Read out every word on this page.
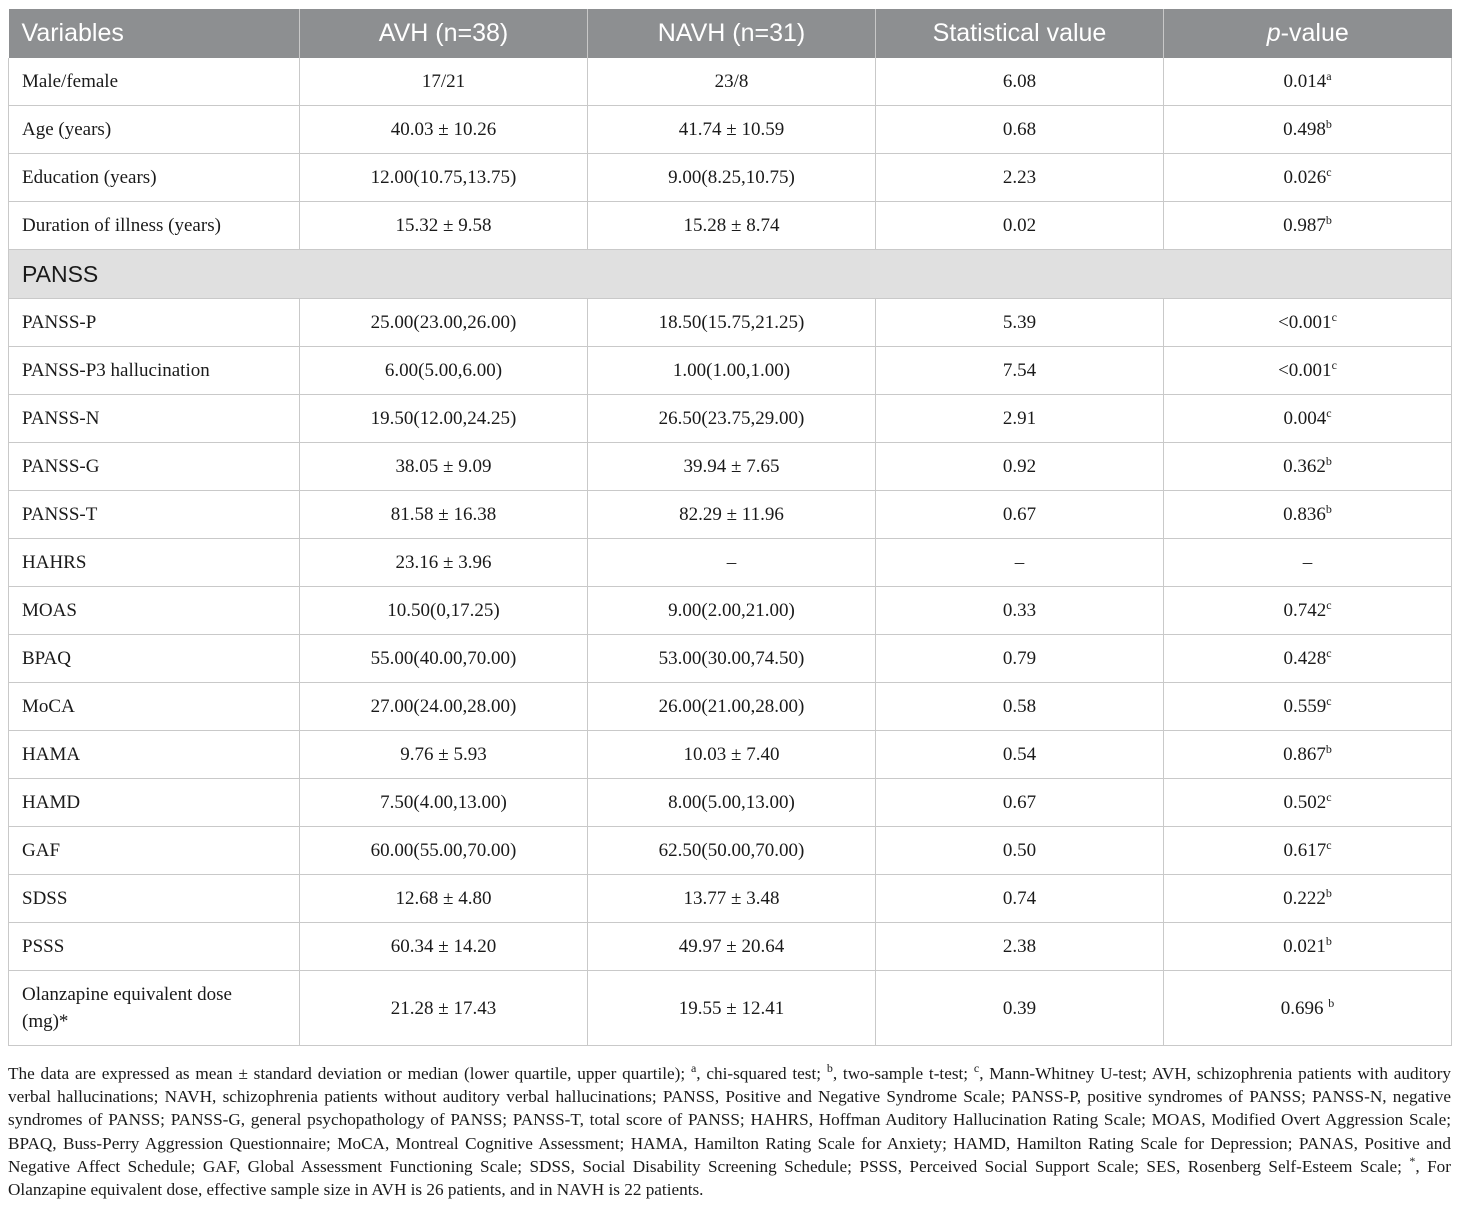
Variables	AVH (n=38)	NAVH (n=31)	Statistical value	p-value
Male/female	17/21	23/8	6.08	0.014$^a$
Age (years)	40.03 ± 10.26	41.74 ± 10.59	0.68	0.498$^b$
Education (years)	12.00(10.75,13.75)	9.00(8.25,10.75)	2.23	0.026$^c$
Duration of illness (years)	15.32 ± 9.58	15.28 ± 8.74	0.02	0.987$^b$
PANSS				
PANSS-P	25.00(23.00,26.00)	18.50(15.75,21.25)	5.39	<0.001$^c$
PANSS-P3 hallucination	6.00(5.00,6.00)	1.00(1.00,1.00)	7.54	<0.001$^c$
PANSS-N	19.50(12.00,24.25)	26.50(23.75,29.00)	2.91	0.004$^c$
PANSS-G	38.05 ± 9.09	39.94 ± 7.65	0.92	0.362$^b$
PANSS-T	81.58 ± 16.38	82.29 ± 11.96	0.67	0.836$^b$
HAHRS	23.16 ± 3.96	–	–	–
MOAS	10.50(0,17.25)	9.00(2.00,21.00)	0.33	0.742$^c$
BPAQ	55.00(40.00,70.00)	53.00(30.00,74.50)	0.79	0.428$^c$
MoCA	27.00(24.00,28.00)	26.00(21.00,28.00)	0.58	0.559$^c$
HAMA	9.76 ± 5.93	10.03 ± 7.40	0.54	0.867$^b$
HAMD	7.50(4.00,13.00)	8.00(5.00,13.00)	0.67	0.502$^c$
GAF	60.00(55.00,70.00)	62.50(50.00,70.00)	0.50	0.617$^c$
SDSS	12.68 ± 4.80	13.77 ± 3.48	0.74	0.222$^b$
PSSS	60.34 ± 14.20	49.97 ± 20.64	2.38	0.021$^b$
Olanzapine equivalent dose (mg)*	21.28 ± 17.43	19.55 ± 12.41	0.39	0.696 $^b$

The data are expressed as mean ± standard deviation or median (lower quartile, upper quartile); $^a$, chi-squared test; $^b$, two-sample t-test; $^c$, Mann-Whitney U-test; AVH, schizophrenia patients with auditory verbal hallucinations; NAVH, schizophrenia patients without auditory verbal hallucinations; PANSS, Positive and Negative Syndrome Scale; PANSS-P, positive syndromes of PANSS; PANSS-N, negative syndromes of PANSS; PANSS-G, general psychopathology of PANSS; PANSS-T, total score of PANSS; HAHRS, Hoffman Auditory Hallucination Rating Scale; MOAS, Modified Overt Aggression Scale; BPAQ, Buss-Perry Aggression Questionnaire; MoCA, Montreal Cognitive Assessment; HAMA, Hamilton Rating Scale for Anxiety; HAMD, Hamilton Rating Scale for Depression; PANAS, Positive and Negative Affect Schedule; GAF, Global Assessment Functioning Scale; SDSS, Social Disability Screening Schedule; PSSS, Perceived Social Support Scale; SES, Rosenberg Self-Esteem Scale; *, For Olanzapine equivalent dose, effective sample size in AVH is 26 patients, and in NAVH is 22 patients.
